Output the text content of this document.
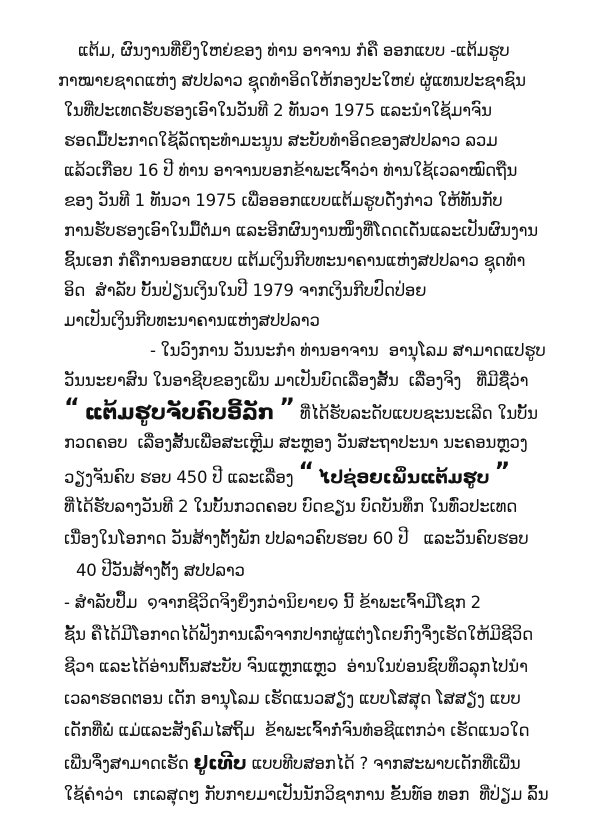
ແຕ້ມ, ຜົນງານທີ່ຍິ່ງໃຫຍ່ຂອງ ທ່ານ ອາຈານ ກໍຄື ອອກແບບ -ແຕ້ມຮູບ
ກາໝາຍຊາດແຫ່ງ ສປປລາວ ຊຸດທຳອິດໃຫ້ກອງປະໃຫຍ່ ຜູ່ແທນປະຊາຊົນ
ໃນທີ່ປະເທດຮັບຮອງເອົາໃນວັນທີ 2 ທັນວາ 1975 ແລະນຳໃຊ້ມາຈົນ
ຮອດມື້ປະກາດໃຊ້ລັດຖະທຳມະນູນ ສະບັບທຳອິດຂອງສປປລາວ ລວມ
ແລ້ວເກືອບ 16 ປີ ທ່ານ ອາຈານບອກຂ້າພະເຈົ້າວ່າ ທ່ານໃຊ້ເວລາໝົດຖືນ
ຂອງ ວັນທີ 1 ທັນວາ 1975 ເພື່ອອອກແບບແຕ້ມຮູບດັ່ງກ່າວ ໃຫ້ທັນກັບ
ການຮັບຮອງເອົາໃນມື້ຕໍ່ມາ ແລະອີກຜົນງານໜຶ່ງທີ່ໂດດເດັ່ນແລະເປັນຜົນງານ
ຊິ້ນເອກ ກໍຄືການອອກແບບ ແຕ້ມເງິນກີບທະນາຄານແຫ່ງສປປລາວ ຊຸດທຳ
ອິດ  ສຳລັບ ບັ້ນປ່ຽນເງິນໃນປີ 1979 ຈາກເງິນກີບປົດປ່ອຍ
ມາເປັນເງິນກີບທະນາຄານແຫ່ງສປປລາວ
- ໃນວົງການ ວັນນະກຳ ທ່ານອາຈານ  ອານຸໂລມ ສາມາດແປຮູບ
ວັນນະຍາສົນ ໃນອາຊີບຂອງເພິ່ນ ມາເປັນບົດເລື່ອງສັ້ນ  ເລື່ອງຈິງ   ທີ່ມີຊື່ວ່າ
“ ແຕ້ມຮູບຈັບຄົບອີ້ລັກ ” ທີ່ໄດ້ຮັບລະດັບແບບຊະນະເລີດ ໃນບັ້ນ
ກວດຄອບ  ເລື່ອງສັ້ນເພື່ອສະເຫຼີມ ສະຫຼອງ ວັນສະຖາປະນາ ນະຄອນຫຼວງ
ວຽງຈັນຄົບ ຮອບ 450 ປີ ແລະເລື່ອງ “ ໄປຊ່ອຍເພິ່ນແຕ້ມຮູບ ”
ທີ່ໄດ້ຮັບລາງວັນທີ 2 ໃນບັ້ນກວດຄອບ ບົດຂຽນ ບົດບັນທຶກ ໃນທົ່ວປະເທດ
ເນື່ອງໃນໂອກາດ ວັນສ້າງຕັ້ງພັກ ປປລາວຄົບຮອບ 60 ປີ   ແລະວັນຄົບຮອບ
40 ປີວັນສ້າງຕັ້ງ ສປປລາວ
- ສຳລັບປຶ້ມ  ໑ຈາກຊີວິດຈິງຍິ່ງກວ່ານິຍາຍ໑ ນີ້ ຂ້າພະເຈົ້າມີໂຊກ 2
ຊັ້ນ ຄືໄດ້ມີໂອກາດໄດ້ຟັງການເລົ່າຈາກປາກຜູ່ແຕ່ງໂດຍກົງຈຶ່ງເຮັດໃຫ້ມີຊີວິດ
ຊີວາ ແລະໄດ້ອ່ານຕົ້ນສະບັບ ຈົນແຫຼກແຫຼວ  ອ່ານໃນບ່ອນຊົບທຶວລຸກໄປນຳ
ເວລາຮອດຕອນ ເດັກ ອານຸໂລມ ເຮັດແນວສຽ່ງ ແບບໂສສຸດ ໂສສຽ່ງ ແບບ
ເດັກທີ່ພໍ່ ແມ່ແລະສັງຄົມໄສຖິ້ມ  ຂ້າພະເຈົ້າກໍ່ຈົນທໍອຊີແຕກວ່າ ເຮັດແນວໃດ
ເພີ່ນຈຶ່ງສາມາດເຮັດ ຢູເທີບ ແບບທີບສອກໄດ້ ? ຈາກສະພາບເດັກທີ່ເພີ່ນ
ໃຊ້ຄຳວ່າ  ເກເລສຸດໆ ກັບກາຍມາເປັນນັກວິຊາການ ຂັ້ນທ໌ອ ທອກ  ທີ່ປ່ຽມ ລົ້ນ
